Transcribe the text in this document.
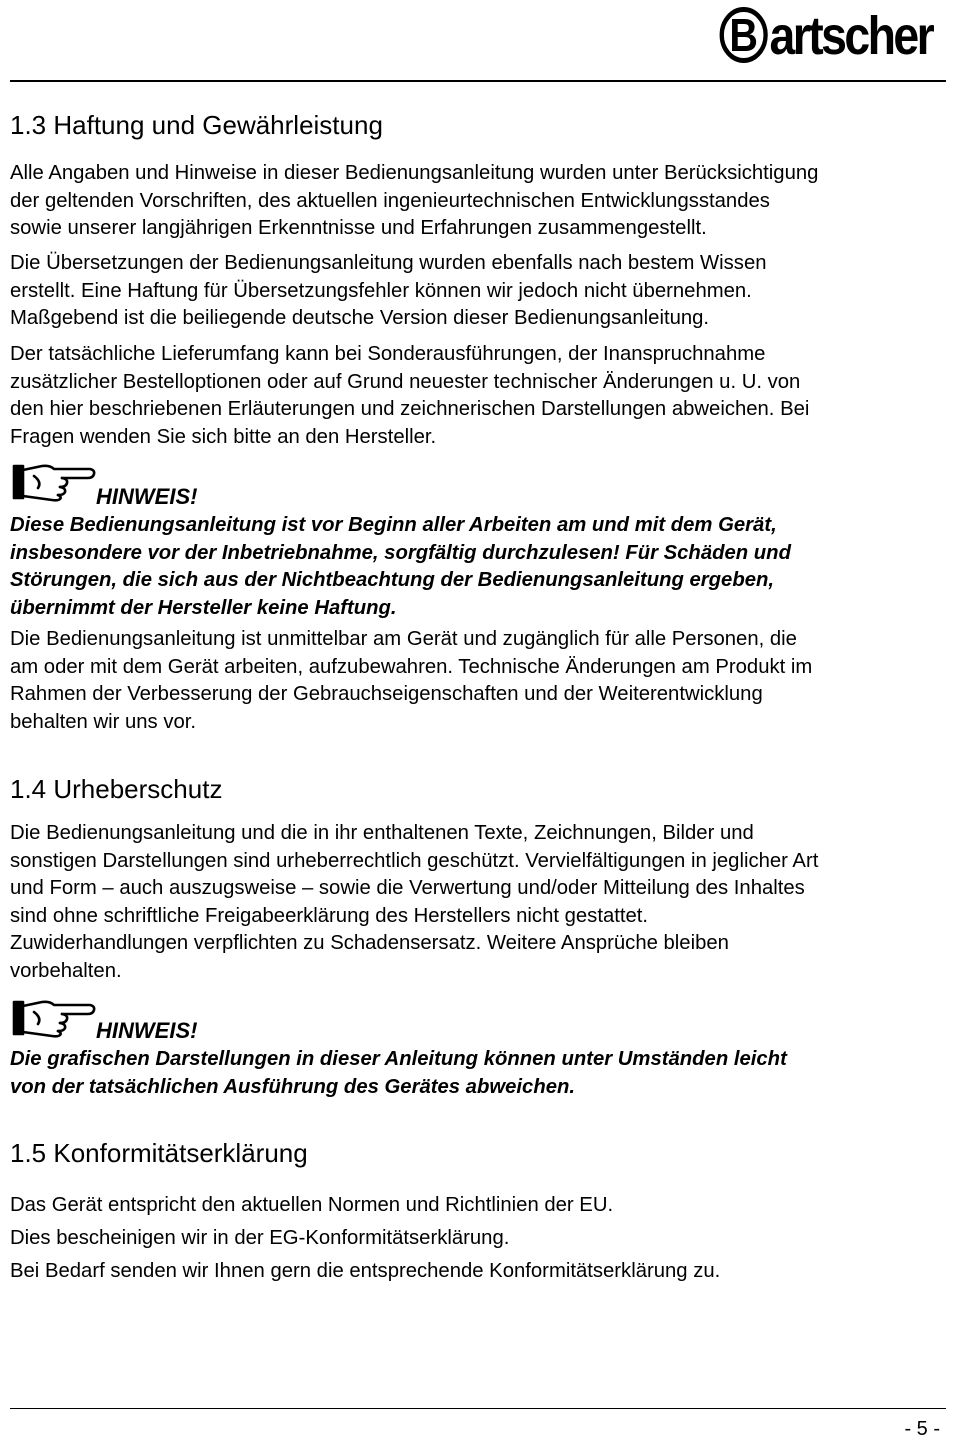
B artscher
1.3 Haftung und Gewährleistung

Alle Angaben und Hinweise in dieser Bedienungsanleitung wurden unter Berücksichtigung
der geltenden Vorschriften, des aktuellen ingenieurtechnischen Entwicklungsstandes
sowie unserer langjährigen Erkenntnisse und Erfahrungen zusammengestellt.

Die Übersetzungen der Bedienungsanleitung wurden ebenfalls nach bestem Wissen
erstellt. Eine Haftung für Übersetzungsfehler können wir jedoch nicht übernehmen.
Maßgebend ist die beiliegende deutsche Version dieser Bedienungsanleitung.

Der tatsächliche Lieferumfang kann bei Sonderausführungen, der Inanspruchnahme
zusätzlicher Bestelloptionen oder auf Grund neuester technischer Änderungen u. U. von
den hier beschriebenen Erläuterungen und zeichnerischen Darstellungen abweichen. Bei
Fragen wenden Sie sich bitte an den Hersteller.

HINWEIS!

Diese Bedienungsanleitung ist vor Beginn aller Arbeiten am und mit dem Gerät,
insbesondere vor der Inbetriebnahme, sorgfältig durchzulesen! Für Schäden und
Störungen, die sich aus der Nichtbeachtung der Bedienungsanleitung ergeben,
übernimmt der Hersteller keine Haftung.

Die Bedienungsanleitung ist unmittelbar am Gerät und zugänglich für alle Personen, die
am oder mit dem Gerät arbeiten, aufzubewahren. Technische Änderungen am Produkt im
Rahmen der Verbesserung der Gebrauchseigenschaften und der Weiterentwicklung
behalten wir uns vor.

1.4 Urheberschutz

Die Bedienungsanleitung und die in ihr enthaltenen Texte, Zeichnungen, Bilder und
sonstigen Darstellungen sind urheberrechtlich geschützt. Vervielfältigungen in jeglicher Art
und Form – auch auszugsweise – sowie die Verwertung und/oder Mitteilung des Inhaltes
sind ohne schriftliche Freigabeerklärung des Herstellers nicht gestattet.
Zuwiderhandlungen verpflichten zu Schadensersatz. Weitere Ansprüche bleiben
vorbehalten.

HINWEIS!

Die grafischen Darstellungen in dieser Anleitung können unter Umständen leicht
von der tatsächlichen Ausführung des Gerätes abweichen.

1.5 Konformitätserklärung

Das Gerät entspricht den aktuellen Normen und Richtlinien der EU.

Dies bescheinigen wir in der EG-Konformitätserklärung.

Bei Bedarf senden wir Ihnen gern die entsprechende Konformitätserklärung zu.

- 5 -
